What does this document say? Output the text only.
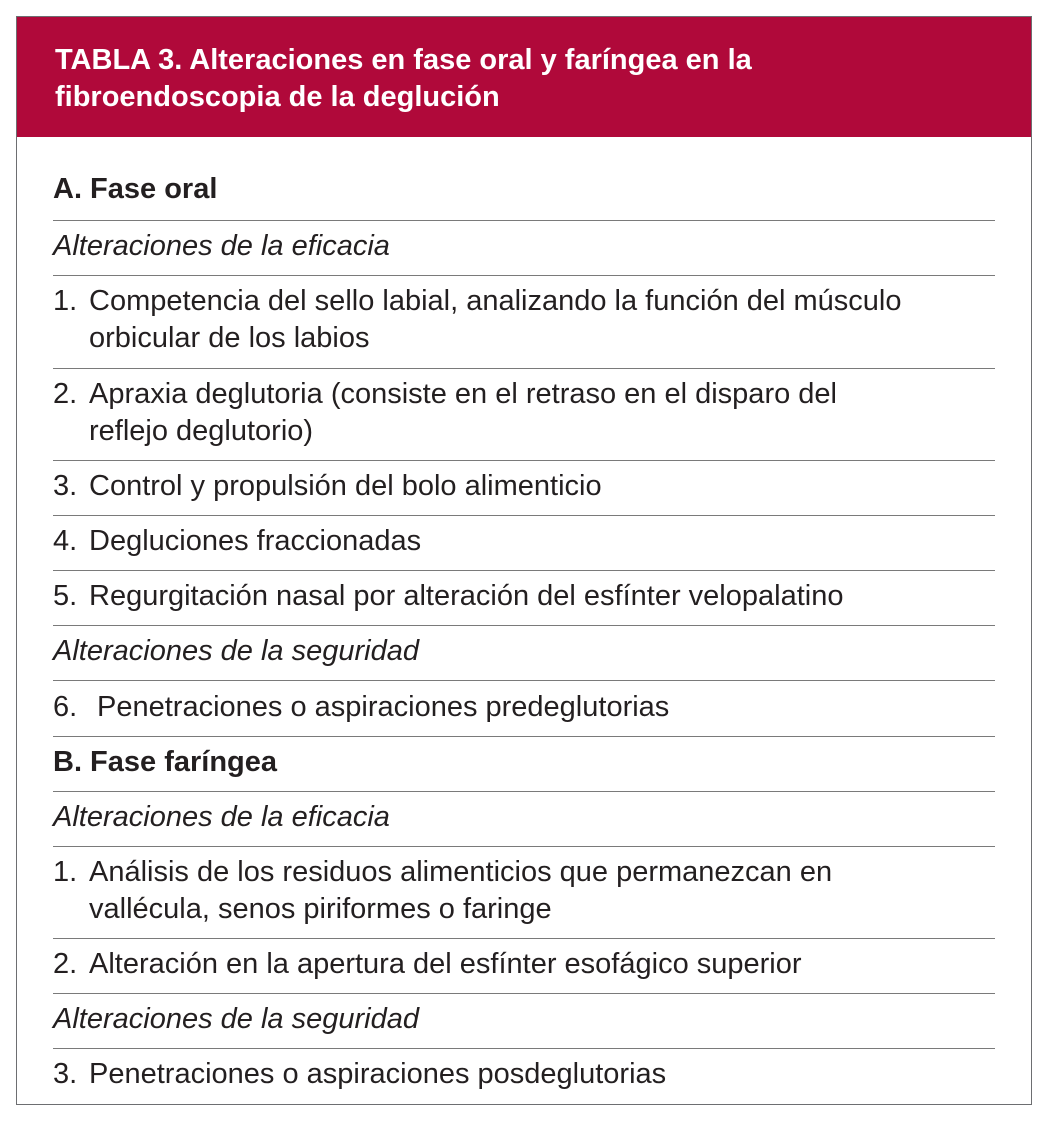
TABLA 3. Alteraciones en fase oral y faríngea en la
fibroendoscopia de la deglución
A. Fase oral
Alteraciones de la eficacia
1. Competencia del sello labial, analizando la función del músculo
orbicular de los labios
2. Apraxia deglutoria (consiste en el retraso en el disparo del
reflejo deglutorio)
3. Control y propulsión del bolo alimenticio
4. Degluciones fraccionadas
5. Regurgitación nasal por alteración del esfínter velopalatino
Alteraciones de la seguridad
6. Penetraciones o aspiraciones predeglutorias
B. Fase faríngea
Alteraciones de la eficacia
1. Análisis de los residuos alimenticios que permanezcan en
vallécula, senos piriformes o faringe
2. Alteración en la apertura del esfínter esofágico superior
Alteraciones de la seguridad
3. Penetraciones o aspiraciones posdeglutorias
